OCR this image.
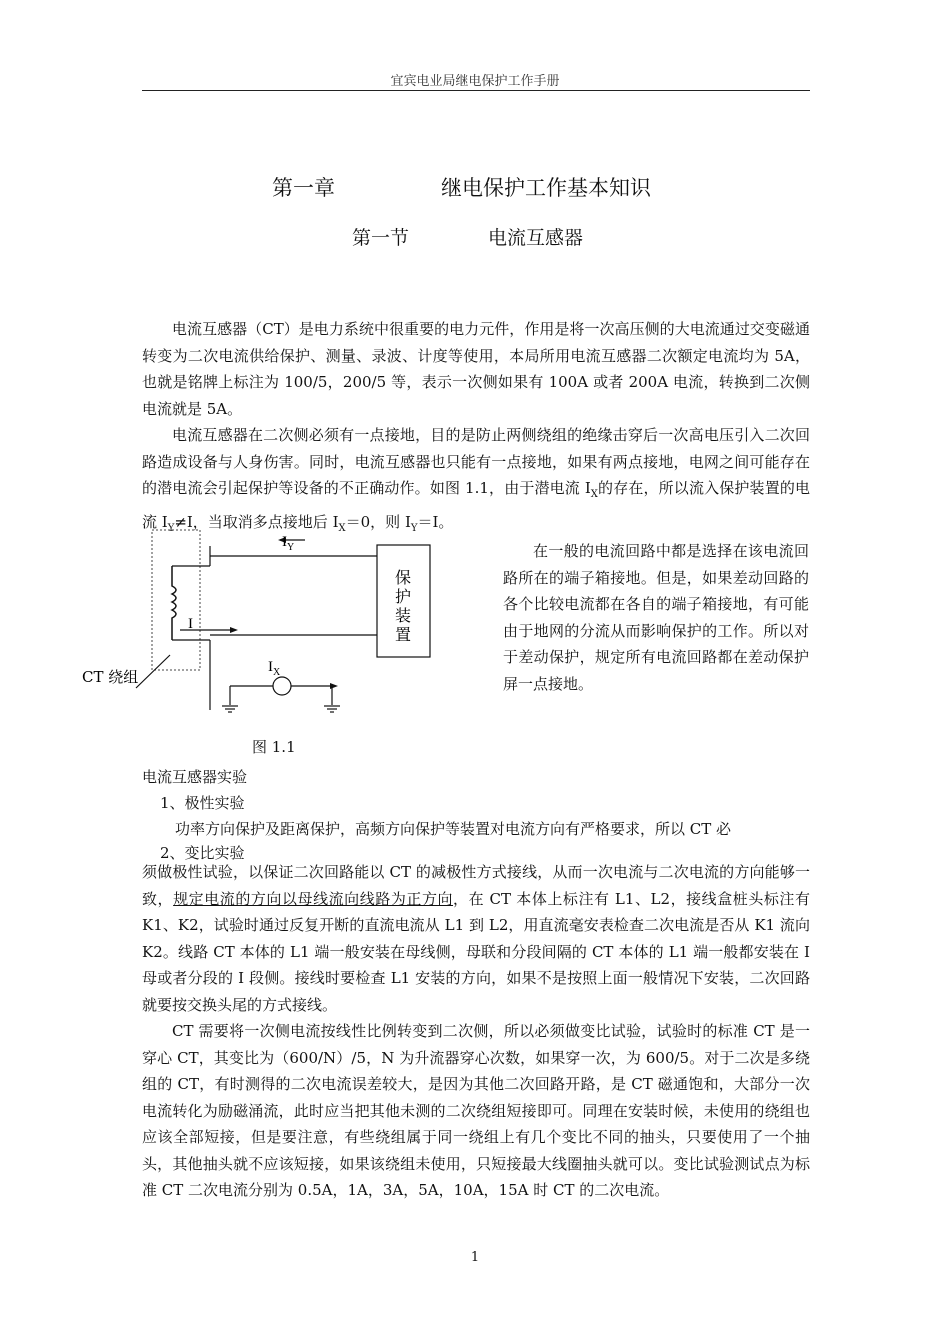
宜宾电业局继电保护工作手册
第一章	继电保护工作基本知识
第一节	电流互感器

电流互感器（CT）是电力系统中很重要的电力元件，作用是将一次高压侧的大电流通过交变磁通转变为二次电流供给保护、测量、录波、计度等使用，本局所用电流互感器二次额定电流均为 5A，也就是铭牌上标注为 100/5，200/5 等，表示一次侧如果有 100A 或者 200A 电流，转换到二次侧电流就是 5A。

电流互感器在二次侧必须有一点接地，目的是防止两侧绕组的绝缘击穿后一次高电压引入二次回路造成设备与人身伤害。同时，电流互感器也只能有一点接地，如果有两点接地，电网之间可能存在的潜电流会引起保护等设备的不正确动作。如图 1.1，由于潜电流 $I_X$的存在，所以流入保护装置的电流 $I_Y\ne I$，当取消多点接地后 $I_X=0$，则 $I_Y=I$。

$I_Y$
I
$I_X$
保
护
装
置
CT 绕组

在一般的电流回路中都是选择在该电流回路所在的端子箱接地。但是，如果差动回路的各个比较电流都在各自的端子箱接地，有可能由于地网的分流从而影响保护的工作。所以对于差动保护，规定所有电流回路都在差动保护屏一点接地。

图 1.1
电流互感器实验
1、极性实验
功率方向保护及距离保护，高频方向保护等装置对电流方向有严格要求，所以 CT 必
2、变比实验

须做极性试验，以保证二次回路能以 CT 的减极性方式接线，从而一次电流与二次电流的方向能够一致，规定电流的方向以母线流向线路为正方向，在 CT 本体上标注有 L1、L2，接线盒桩头标注有 K1、K2，试验时通过反复开断的直流电流从 L1 到 L2，用直流毫安表检查二次电流是否从 K1 流向 K2。线路 CT 本体的 L1 端一般安装在母线侧，母联和分段间隔的 CT 本体的 L1 端一般都安装在 I 母或者分段的 I 段侧。接线时要检查 L1 安装的方向，如果不是按照上面一般情况下安装，二次回路就要按交换头尾的方式接线。

CT 需要将一次侧电流按线性比例转变到二次侧，所以必须做变比试验，试验时的标准 CT 是一穿心 CT，其变比为（600/N）/5，N 为升流器穿心次数，如果穿一次，为 600/5。对于二次是多绕组的 CT，有时测得的二次电流误差较大，是因为其他二次回路开路，是 CT 磁通饱和，大部分一次电流转化为励磁涌流，此时应当把其他未测的二次绕组短接即可。同理在安装时候，未使用的绕组也应该全部短接，但是要注意，有些绕组属于同一绕组上有几个变比不同的抽头，只要使用了一个抽头，其他抽头就不应该短接，如果该绕组未使用，只短接最大线圈抽头就可以。变比试验测试点为标准 CT 二次电流分别为 0.5A，1A，3A，5A，10A，15A 时 CT 的二次电流。

1
